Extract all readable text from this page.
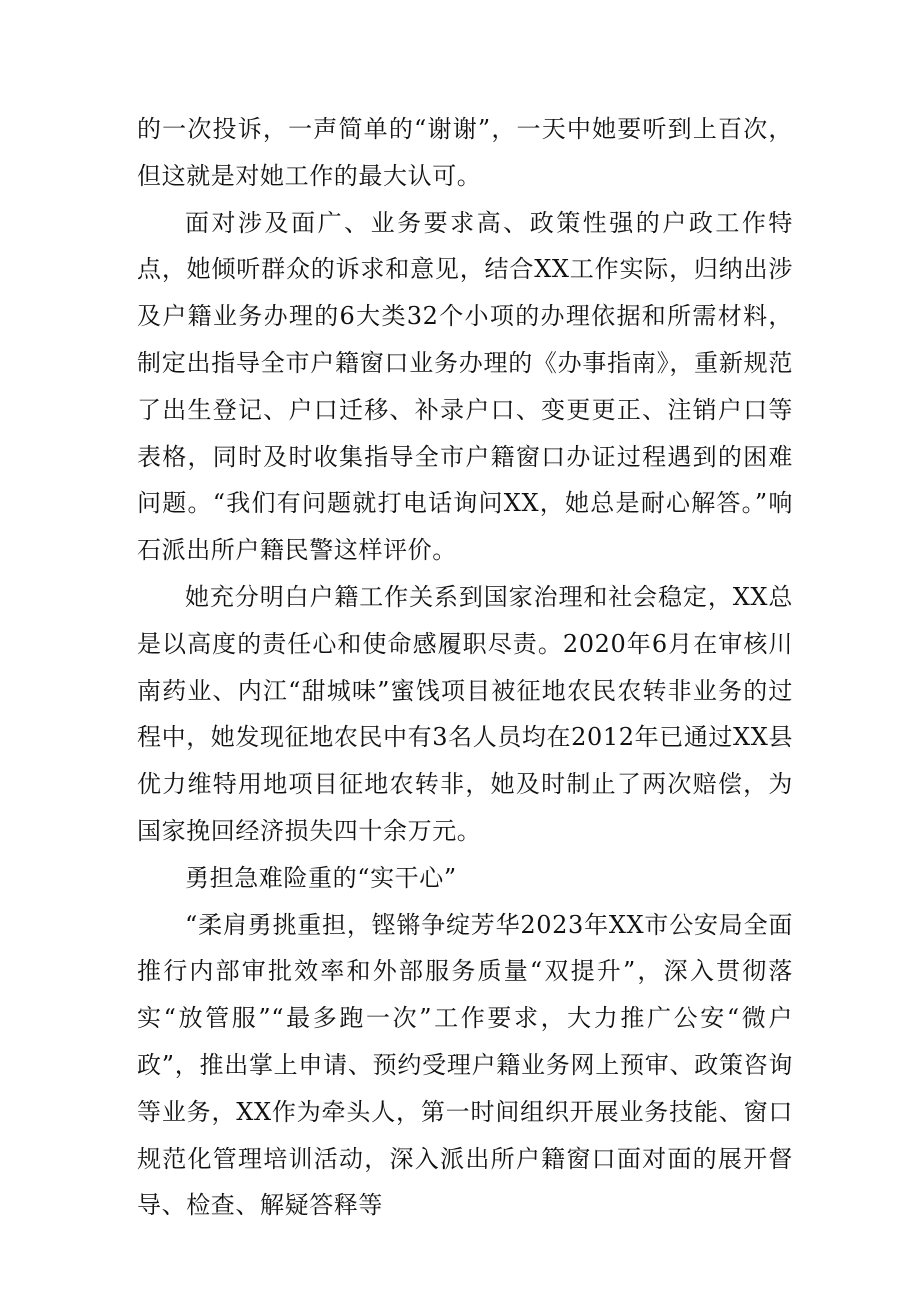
的一次投诉，一声简单的“谢谢”，一天中她要听到上百次，但这就是对她工作的最大认可。

面对涉及面广、业务要求高、政策性强的户政工作特点，她倾听群众的诉求和意见，结合XX工作实际，归纳出涉及户籍业务办理的6大类32个小项的办理依据和所需材料，制定出指导全市户籍窗口业务办理的《办事指南》，重新规范了出生登记、户口迁移、补录户口、变更更正、注销户口等表格，同时及时收集指导全市户籍窗口办证过程遇到的困难问题。“我们有问题就打电话询问XX，她总是耐心解答。”响石派出所户籍民警这样评价。

她充分明白户籍工作关系到国家治理和社会稳定，XX总是以高度的责任心和使命感履职尽责。2020年6月在审核川南药业、内江“甜城味”蜜饯项目被征地农民农转非业务的过程中，她发现征地农民中有3名人员均在2012年已通过XX县优力维特用地项目征地农转非，她及时制止了两次赔偿，为国家挽回经济损失四十余万元。

勇担急难险重的“实干心”

“柔肩勇挑重担，铿锵争绽芳华2023年XX市公安局全面推行内部审批效率和外部服务质量“双提升”，深入贯彻落实“放管服”“最多跑一次”工作要求，大力推广公安“微户政”，推出掌上申请、预约受理户籍业务网上预审、政策咨询等业务，XX作为牵头人，第一时间组织开展业务技能、窗口规范化管理培训活动，深入派出所户籍窗口面对面的展开督导、检查、解疑答释等
